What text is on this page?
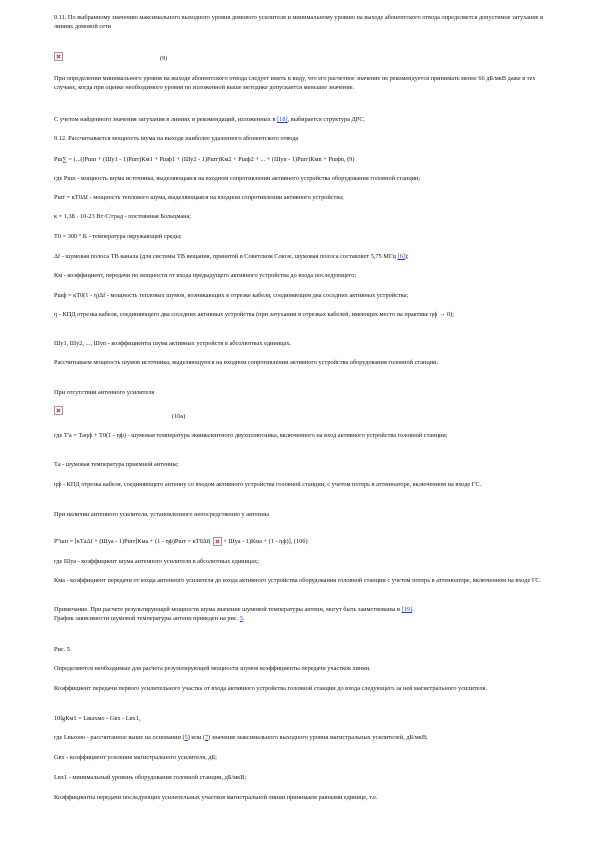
9.11. По выбранному значению максимального выходного уровня домового усилителя и минимальному уровню на выходе абонентского отвода определяется допустимое затухание в линиях домовой сети
(9)
При определении минимального уровня на выходе абонентского отвода следует иметь в виду, что его расчетное значение не рекомендуется принимать менее 66 дБ/мкВ даже в тех случаях, когда при оценке необходимого уровня по изложенной выше методике допускается меньшее значение.
С учетом найденного значения затухания в линиях и рекомендаций, изложенных в [18], выбирается структура ДРС.
9.12. Рассчитывается мощность шума на выходе наиболее удаленного абонентского отвода
Pш∑ = (...((Pшп + (Шу1 - 1)Pшт)Км1 + Pшф1 + (Шу2 - 1)Pшт)Км2 + Pшф2 + ... + (Шуn - 1)Pшт)Кмn + Pшфn, (9)
где Pшп - мощность шума источника, выделяющаяся на входном сопротивлении активного устройства оборудования головной станции;
Pшт = кT0Δf - мощность теплового шума, выделяющаяся на входном сопротивлении активного устройства;
к = 1,38 · 10-23 Вт·С/град - постоянная Больцмана;
T0 = 300 ° К - температура окружающей среды;
Δf - шумовая полоса ТВ канала (для системы ТВ вещания, принятой в Советском Союзе, шумовая полоса составляет 5,75 МГц [6]);
Км - коэффициент, передачи по мощности от входа предыдущего активного устройства до входа последующего;
Pшф = кT0(1 - η)Δf - мощность тепловых шумов, возникающих в отрезке кабеля, соединяющем два соседних активных устройства;
η - КПД отрезка кабеля, соединяющего два соседних активных устройства (при затухании в отрезках кабелей, имеющих место на практике ηф → 0);
Шу1, Шу2, ..., Шуn - коэффициенты шума активных устройств в абсолютных единицах.
Рассчитываем мощность шумов источника, выделяющуюся на входном сопротивлении активного устройства оборудования головной станции.
При отсутствии антенного усилителя
(10а)
где T'а = Tаηф + T0(1 - ηф) - шумовая температура эквивалентного двухполюсника, включенного на вход активного устройства головной станции;
Tа - шумовая температура приемной антенны;
ηф - КПД отрезка кабеля, соединяющего антенну со входом активного устройства головной станции, с учетом потерь в аттенюаторе, включенном на входе ГС.
При наличии антенного усилителя, установленного непосредственно у антенны
P''шп = [кTаΔf + (Шуа - 1)Pшт]Кма + (1 - ηф)Pшт = кT0Δf( + Шуа - 1)Кма + (1 - ηф)], (10б)
где Шуа - коэффициент шума антенного усилителя в абсолютных единицах;
Кма - коэффициент передачи от входа антенного усилителя до входа активного устройства оборудования головной станции с учетом потерь в аттенюаторе, включенном на входе ГС.
Примечание. При расчете результирующей мощности шума значение шумовой температуры антенн, могут быть заимствованы в [19].
График зависимости шумовой температуры антенн приведен на рис. 5.
Рис. 5
Определяются необходимые для расчета результирующей мощности шумов коэффициенты передачи участков линии.
Коэффициент передачи первого усилительного участка от входа активного устройства головной станции до входа следующего за ней магистрального усилителя.
10lgКм1 = Lвыхмо - Gвх - Lвх1,
где Lвыхмо - рассчитанное выше на основании (5) или (7) значение максимального выходного уровня магистральных усилителей, дБ/мкВ;
Gвх - коэффициент усиления магистрального усилителя, дБ;
Lвх1 - минимальный уровень оборудования головной станции, дБ/мкВ;
Коэффициенты передачи последующих усилительных участков магистральной линии принимаем равными единице, т.е.
